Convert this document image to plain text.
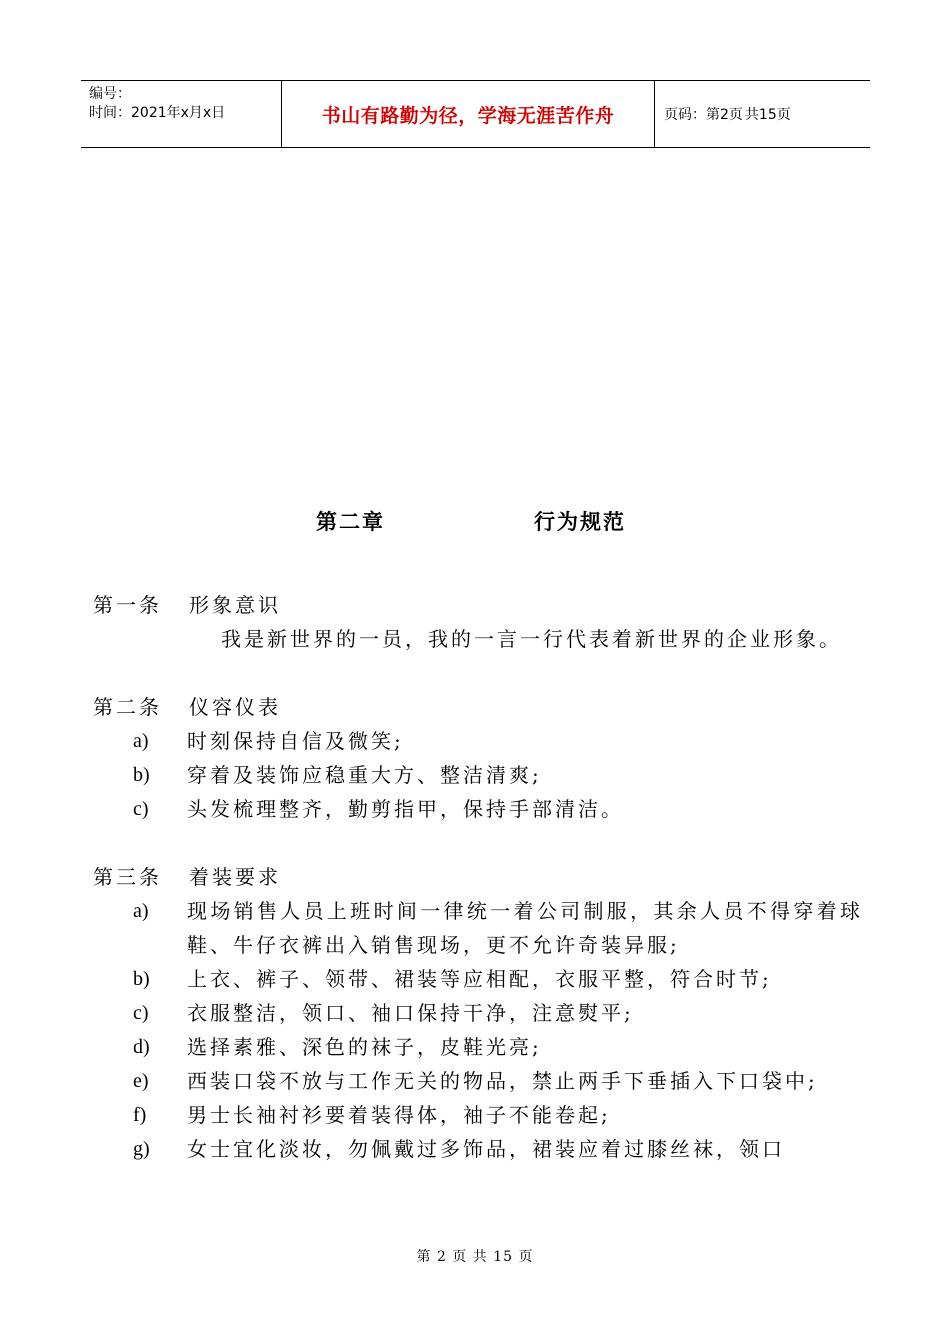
编号：
时间：2021年x月x日	书山有路勤为径，学海无涯苦作舟	页码：第2页 共15页
第二章	行为规范
第一条 形象意识
我是新世界的一员，我的一言一行代表着新世界的企业形象。
第二条 仪容仪表
a)	时刻保持自信及微笑;
b)	穿着及装饰应稳重大方、整洁清爽;
c)	头发梳理整齐，勤剪指甲，保持手部清洁。
第三条 着装要求
a)	现场销售人员上班时间一律统一着公司制服，其余人员不得穿着球鞋、牛仔衣裤出入销售现场，更不允许奇装异服;
b)	上衣、裤子、领带、裙装等应相配，衣服平整，符合时节;
c)	衣服整洁，领口、袖口保持干净，注意熨平;
d)	选择素雅、深色的袜子，皮鞋光亮;
e)	西装口袋不放与工作无关的物品，禁止两手下垂插入下口袋中;
f)	男士长袖衬衫要着装得体，袖子不能卷起;
g)	女士宜化淡妆，勿佩戴过多饰品，裙装应着过膝丝袜，领口
第 2 页 共 15 页
